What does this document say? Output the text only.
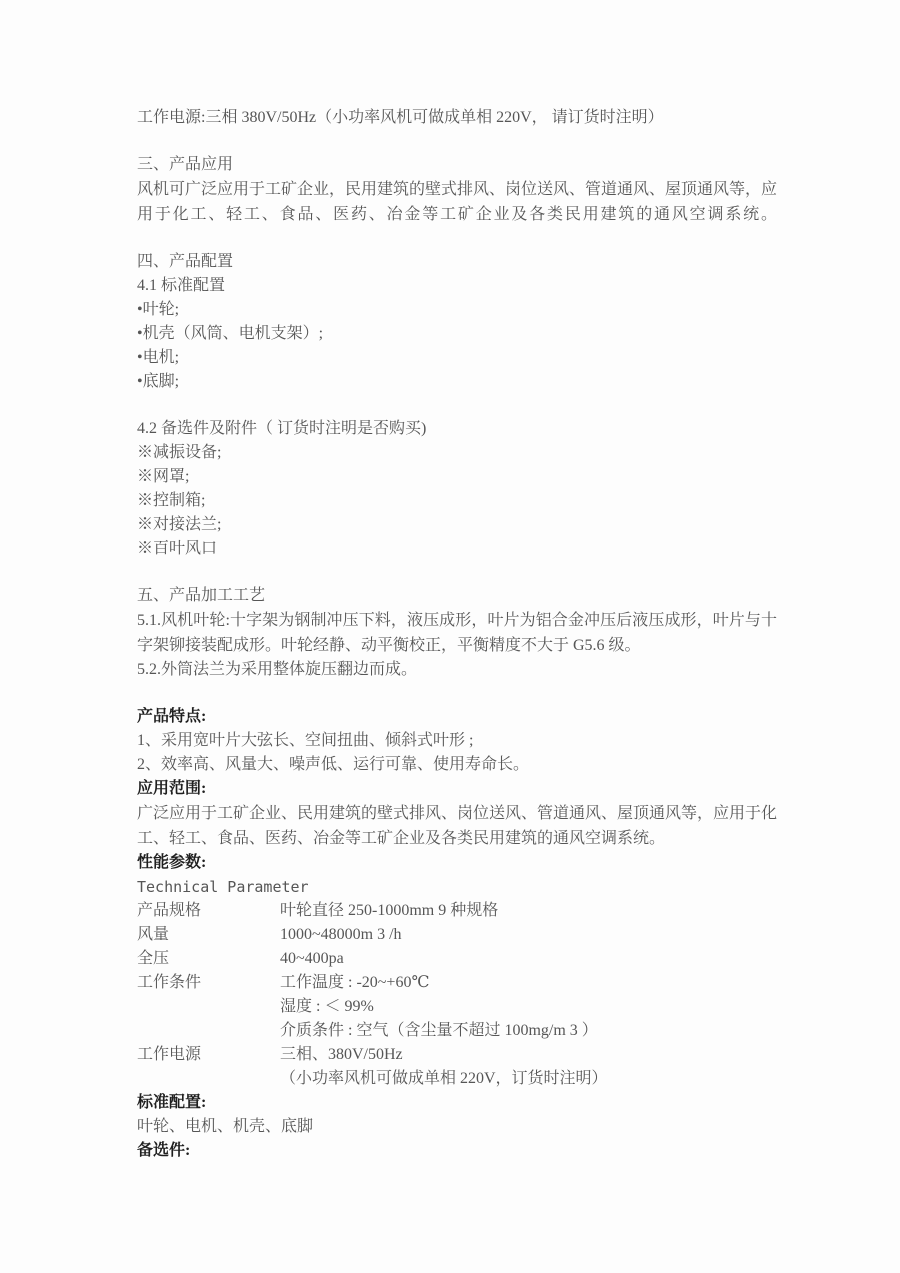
工作电源:三相 380V/50Hz（小功率风机可做成单相 220V， 请订货时注明）

三、产品应用

风机可广泛应用于工矿企业，民用建筑的壁式排风、岗位送风、管道通风、屋顶通风等，应用于化工、轻工、食品、医药、冶金等工矿企业及各类民用建筑的通风空调系统。

四、产品配置

4.1 标准配置

•叶轮;

•机壳（风筒、电机支架）;

•电机;

•底脚;

4.2 备选件及附件（ 订货时注明是否购买)

※减振设备;

※网罩;

※控制箱;

※对接法兰;

※百叶风口

五、产品加工工艺

5.1.风机叶轮:十字架为钢制冲压下料，液压成形，叶片为铝合金冲压后液压成形，叶片与十字架铆接装配成形。叶轮经静、动平衡校正，平衡精度不大于 G5.6 级。

5.2.外筒法兰为采用整体旋压翻边而成。

产品特点:

1、采用宽叶片大弦长、空间扭曲、倾斜式叶形 ;

2、效率高、风量大、噪声低、运行可靠、使用寿命长。

应用范围:

广泛应用于工矿企业、民用建筑的壁式排风、岗位送风、管道通风、屋顶通风等，应用于化工、轻工、食品、医药、冶金等工矿企业及各类民用建筑的通风空调系统。

性能参数:

Technical Parameter

产品规格	叶轮直径 250-1000mm 9 种规格
风量	1000~48000m 3 /h
全压	40~400pa
工作条件	工作温度 : -20~+60℃
湿度 : ＜ 99%
介质条件 : 空气（含尘量不超过 100mg/m 3 ）
工作电源	三相、380V/50Hz
（小功率风机可做成单相 220V，订货时注明）

标准配置:

叶轮、电机、机壳、底脚

备选件:
